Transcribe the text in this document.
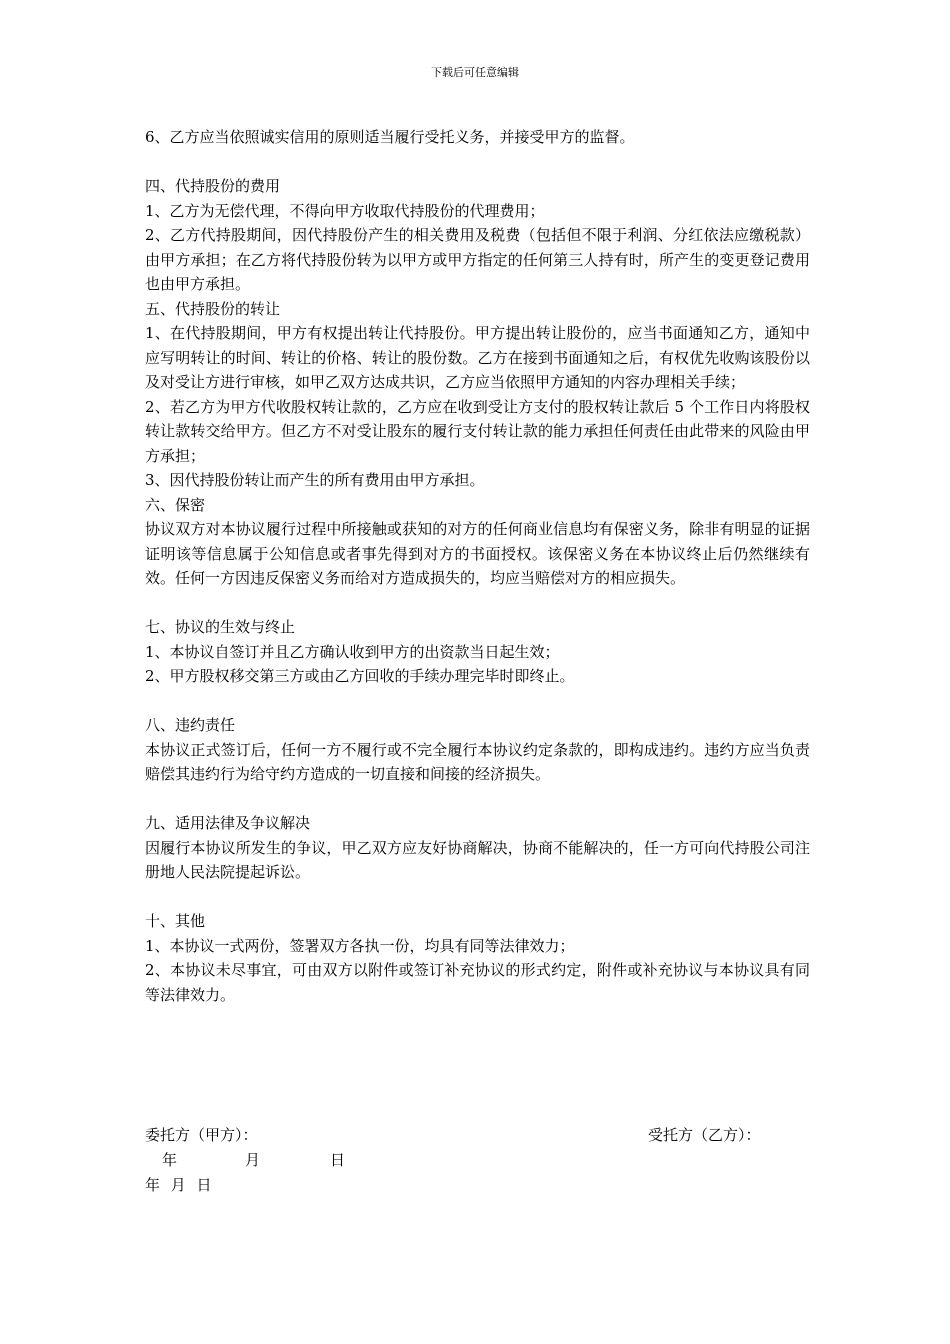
下载后可任意编辑

6、乙方应当依照诚实信用的原则适当履行受托义务，并接受甲方的监督。

四、代持股份的费用

1、乙方为无偿代理，不得向甲方收取代持股份的代理费用；

2、乙方代持股期间，因代持股份产生的相关费用及税费（包括但不限于利润、分红依法应缴税款）由甲方承担；在乙方将代持股份转为以甲方或甲方指定的任何第三人持有时，所产生的变更登记费用也由甲方承担。

五、代持股份的转让

1、在代持股期间，甲方有权提出转让代持股份。甲方提出转让股份的，应当书面通知乙方，通知中应写明转让的时间、转让的价格、转让的股份数。乙方在接到书面通知之后，有权优先收购该股份以及对受让方进行审核，如甲乙双方达成共识，乙方应当依照甲方通知的内容办理相关手续；

2、若乙方为甲方代收股权转让款的，乙方应在收到受让方支付的股权转让款后 5 个工作日内将股权转让款转交给甲方。但乙方不对受让股东的履行支付转让款的能力承担任何责任由此带来的风险由甲方承担；

3、因代持股份转让而产生的所有费用由甲方承担。

六、保密

协议双方对本协议履行过程中所接触或获知的对方的任何商业信息均有保密义务，除非有明显的证据证明该等信息属于公知信息或者事先得到对方的书面授权。该保密义务在本协议终止后仍然继续有效。任何一方因违反保密义务而给对方造成损失的，均应当赔偿对方的相应损失。

七、协议的生效与终止

1、本协议自签订并且乙方确认收到甲方的出资款当日起生效；

2、甲方股权移交第三方或由乙方回收的手续办理完毕时即终止。

八、违约责任

本协议正式签订后，任何一方不履行或不完全履行本协议约定条款的，即构成违约。违约方应当负责赔偿其违约行为给守约方造成的一切直接和间接的经济损失。

九、适用法律及争议解决

因履行本协议所发生的争议，甲乙双方应友好协商解决，协商不能解决的，任一方可向代持股公司注册地人民法院提起诉讼。

十、其他

1、本协议一式两份，签署双方各执一份，均具有同等法律效力；

2、本协议未尽事宜，可由双方以附件或签订补充协议的形式约定，附件或补充协议与本协议具有同等法律效力。

委托方（甲方）：	受托方（乙方）：
年	月	日
年 月 日
